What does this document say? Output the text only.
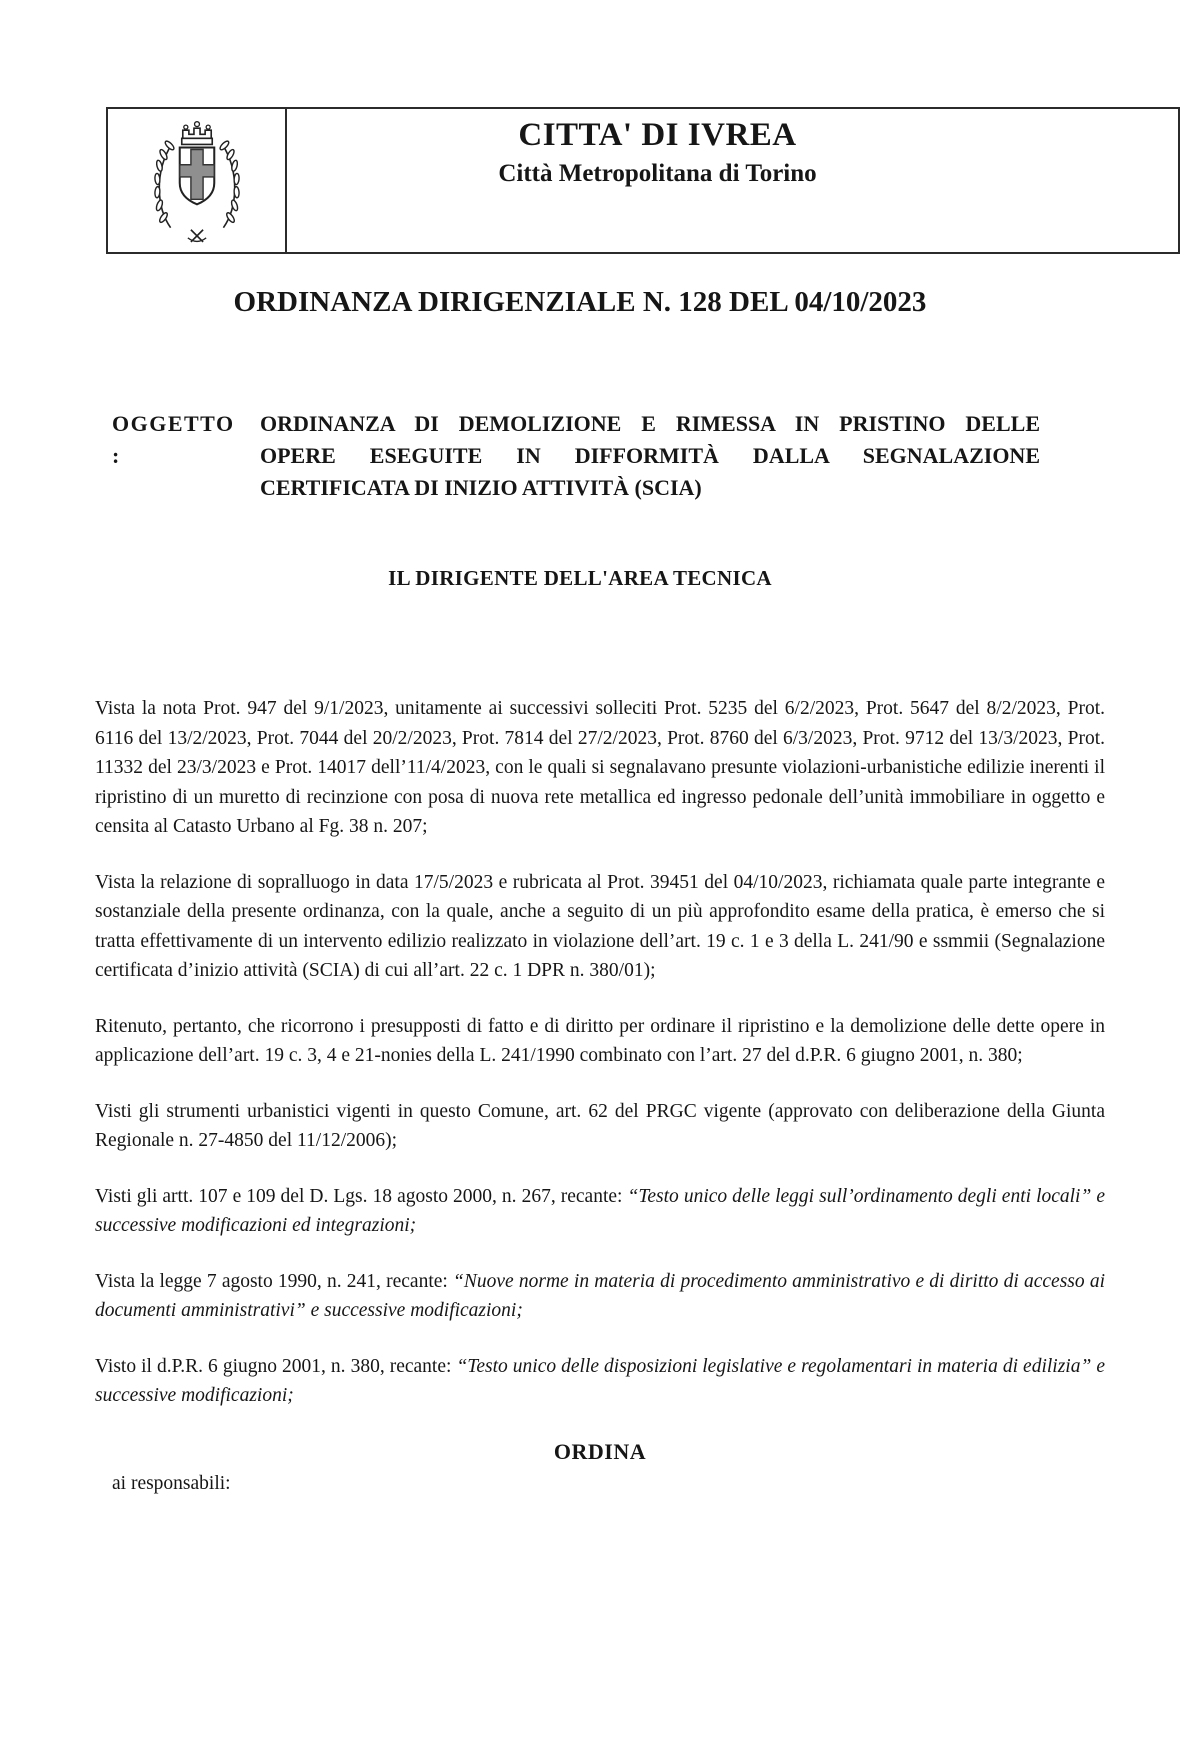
CITTA' DI IVREA
Città Metropolitana di Torino
ORDINANZA DIRIGENZIALE N. 128 DEL 04/10/2023
OGGETTO
:
ORDINANZA DI DEMOLIZIONE E RIMESSA IN PRISTINO DELLE
OPERE ESEGUITE IN DIFFORMITÀ DALLA SEGNALAZIONE
CERTIFICATA DI INIZIO ATTIVITÀ (SCIA)
IL DIRIGENTE DELL'AREA TECNICA

Vista la nota Prot. 947 del 9/1/2023, unitamente ai successivi solleciti Prot. 5235 del 6/2/2023, Prot. 5647 del 8/2/2023, Prot. 6116 del 13/2/2023, Prot. 7044 del 20/2/2023, Prot. 7814 del 27/2/2023, Prot. 8760 del 6/3/2023, Prot. 9712 del 13/3/2023, Prot. 11332 del 23/3/2023 e Prot. 14017 dell’11/4/2023, con le quali si segnalavano presunte violazioni-urbanistiche edilizie inerenti il ripristino di un muretto di recinzione con posa di nuova rete metallica ed ingresso pedonale dell’unità immobiliare in oggetto e censita al Catasto Urbano al Fg. 38 n. 207;

Vista la relazione di sopralluogo in data 17/5/2023 e rubricata al Prot. 39451 del 04/10/2023, richiamata quale parte integrante e sostanziale della presente ordinanza, con la quale, anche a seguito di un più approfondito esame della pratica, è emerso che si tratta effettivamente di un intervento edilizio realizzato in violazione dell’art. 19 c. 1 e 3 della L. 241/90 e ssmmii (Segnalazione certificata d’inizio attività (SCIA) di cui all’art. 22 c. 1 DPR n. 380/01);

Ritenuto, pertanto, che ricorrono i presupposti di fatto e di diritto per ordinare il ripristino e la demolizione delle dette opere in applicazione dell’art. 19 c. 3, 4 e 21-nonies della L. 241/1990 combinato con l’art. 27 del d.P.R. 6 giugno 2001, n. 380;

Visti gli strumenti urbanistici vigenti in questo Comune, art. 62 del PRGC vigente (approvato con deliberazione della Giunta Regionale n. 27-4850 del 11/12/2006);

Visti gli artt. 107 e 109 del D. Lgs. 18 agosto 2000, n. 267, recante: “Testo unico delle leggi sull’ordinamento degli enti locali” e successive modificazioni ed integrazioni;

Vista la legge 7 agosto 1990, n. 241, recante: “Nuove norme in materia di procedimento amministrativo e di diritto di accesso ai documenti amministrativi” e successive modificazioni;

Visto il d.P.R. 6 giugno 2001, n. 380, recante: “Testo unico delle disposizioni legislative e regolamentari in materia di edilizia” e successive modificazioni;

ORDINA
ai responsabili:
